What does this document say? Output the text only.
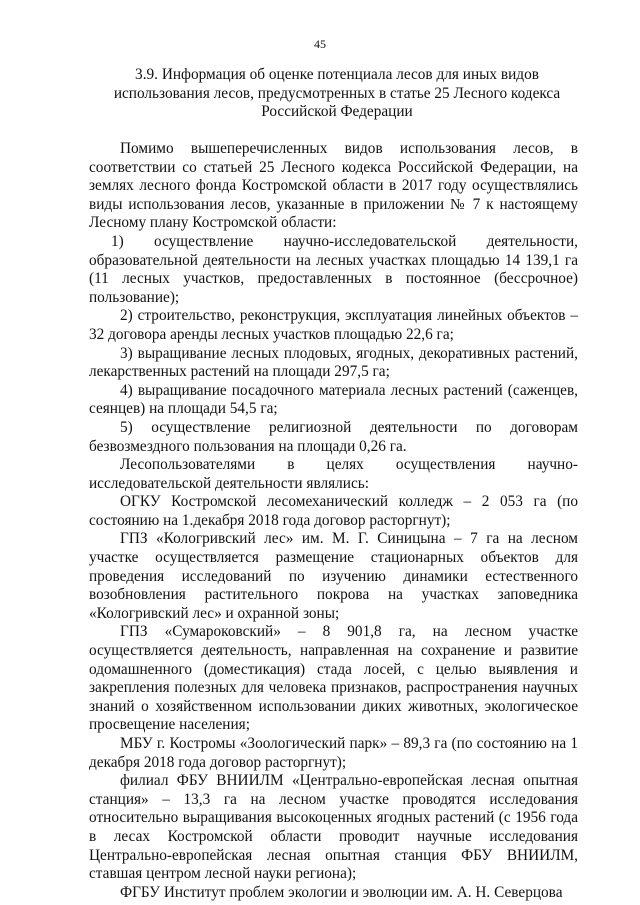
45
3.9. Информация об оценке потенциала лесов для иных видов использования лесов, предусмотренных в статье 25 Лесного кодекса Российской Федерации

Помимо вышеперечисленных видов использования лесов, в соответствии со статьей 25 Лесного кодекса Российской Федерации, на землях лесного фонда Костромской области в 2017 году осуществлялись виды использования лесов, указанные в приложении № 7 к настоящему Лесному плану Костромской области:

1) осуществление научно-исследовательской деятельности, образовательной деятельности на лесных участках площадью 14 139,1 га (11 лесных участков, предоставленных в постоянное (бессрочное) пользование);

2) строительство, реконструкция, эксплуатация линейных объектов – 32 договора аренды лесных участков площадью 22,6 га;

3) выращивание лесных плодовых, ягодных, декоративных растений, лекарственных растений на площади 297,5 га;

4) выращивание посадочного материала лесных растений (саженцев, сеянцев) на площади 54,5 га;

5) осуществление религиозной деятельности по договорам безвозмездного пользования на площади 0,26 га.

Лесопользователями в целях осуществления научно-исследовательской деятельности являлись:

ОГКУ Костромской лесомеханический колледж – 2 053 га (по состоянию на 1.декабря 2018 года договор расторгнут);

ГПЗ «Кологривский лес» им. М. Г. Синицына – 7 га на лесном участке осуществляется размещение стационарных объектов для проведения исследований по изучению динамики естественного возобновления растительного покрова на участках заповедника «Кологривский лес» и охранной зоны;

ГПЗ «Сумароковский» – 8 901,8 га, на лесном участке осуществляется деятельность, направленная на сохранение и развитие одомашненного (доместикация) стада лосей, с целью выявления и закрепления полезных для человека признаков, распространения научных знаний о хозяйственном использовании диких животных, экологическое просвещение населения;

МБУ г. Костромы «Зоологический парк» – 89,3 га (по состоянию на 1 декабря 2018 года договор расторгнут);

филиал ФБУ ВНИИЛМ «Центрально-европейская лесная опытная станция» – 13,3 га на лесном участке проводятся исследования относительно выращивания высокоценных ягодных растений (с 1956 года в лесах Костромской области проводит научные исследования Центрально-европейская лесная опытная станция ФБУ ВНИИЛМ, ставшая центром лесной науки региона);

ФГБУ Институт проблем экологии и эволюции им. А. Н. Северцова
